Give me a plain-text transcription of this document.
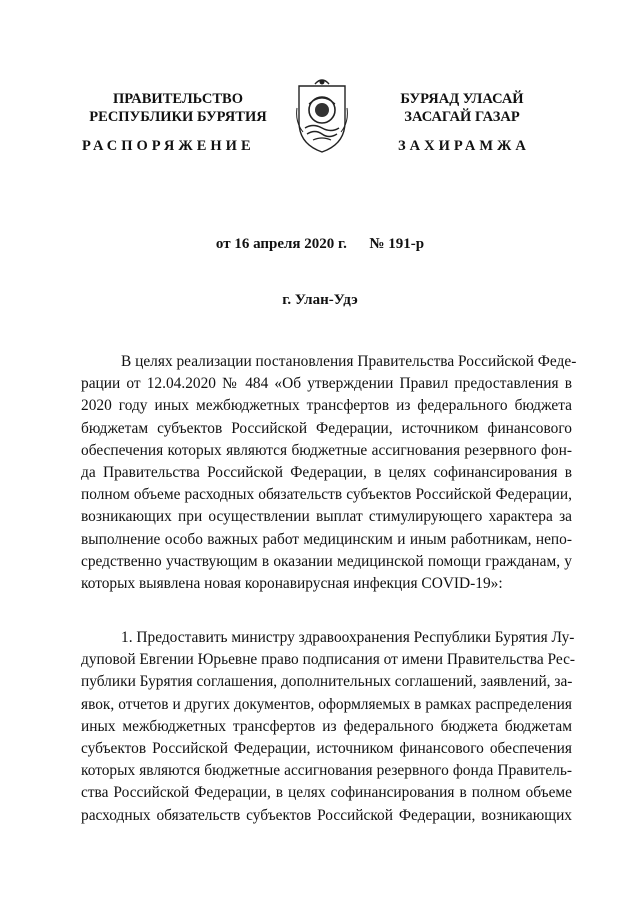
ПРАВИТЕЛЬСТВО
РЕСПУБЛИКИ БУРЯТИЯ
БУРЯАД УЛАСАЙ
ЗАСАГАЙ ГАЗАР
РАСПОРЯЖЕНИЕ	ЗАХИРАМЖА
от 16 апреля 2020 г. № 191-р
г. Улан-Удэ
В целях реализации постановления Правительства Российской Феде-
рации от 12.04.2020 № 484 «Об утверждении Правил предоставления в
2020 году иных межбюджетных трансфертов из федерального бюджета
бюджетам субъектов Российской Федерации, источником финансового
обеспечения которых являются бюджетные ассигнования резервного фон-
да Правительства Российской Федерации, в целях софинансирования в
полном объеме расходных обязательств субъектов Российской Федерации,
возникающих при осуществлении выплат стимулирующего характера за
выполнение особо важных работ медицинским и иным работникам, непо-
средственно участвующим в оказании медицинской помощи гражданам, у
которых выявлена новая коронавирусная инфекция COVID-19»:
1. Предоставить министру здравоохранения Республики Бурятия Лу-
дуповой Евгении Юрьевне право подписания от имени Правительства Рес-
публики Бурятия соглашения, дополнительных соглашений, заявлений, за-
явок, отчетов и других документов, оформляемых в рамках распределения
иных межбюджетных трансфертов из федерального бюджета бюджетам
субъектов Российской Федерации, источником финансового обеспечения
которых являются бюджетные ассигнования резервного фонда Правитель-
ства Российской Федерации, в целях софинансирования в полном объеме
расходных обязательств субъектов Российской Федерации, возникающих
